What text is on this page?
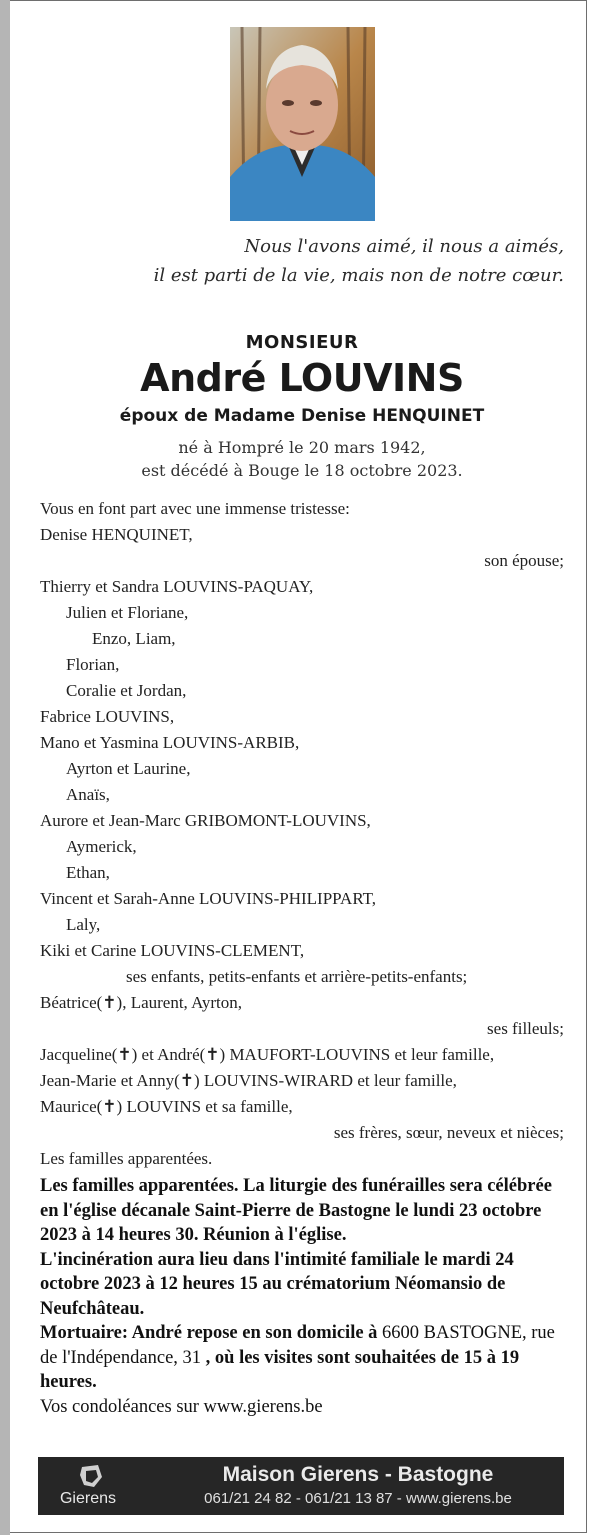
Nous l'avons aimé, il nous a aimés,
il est parti de la vie, mais non de notre cœur.
MONSIEUR
André LOUVINS
époux de Madame Denise HENQUINET
né à Hompré le 20 mars 1942,
est décédé à Bouge le 18 octobre 2023.
Vous en font part avec une immense tristesse:
Denise HENQUINET,
son épouse;
Thierry et Sandra LOUVINS-PAQUAY,
Julien et Floriane,
Enzo, Liam,
Florian,
Coralie et Jordan,
Fabrice LOUVINS,
Mano et Yasmina LOUVINS-ARBIB,
Ayrton et Laurine,
Anaïs,
Aurore et Jean-Marc GRIBOMONT-LOUVINS,
Aymerick,
Ethan,
Vincent et Sarah-Anne LOUVINS-PHILIPPART,
Laly,
Kiki et Carine LOUVINS-CLEMENT,
ses enfants, petits-enfants et arrière-petits-enfants;
Béatrice(✝), Laurent, Ayrton,
ses filleuls;
Jacqueline(✝) et André(✝) MAUFORT-LOUVINS et leur famille,
Jean-Marie et Anny(✝) LOUVINS-WIRARD et leur famille,
Maurice(✝) LOUVINS et sa famille,
ses frères, sœur, neveux et nièces;
Les familles apparentées.
Les familles apparentées. La liturgie des funérailles sera célébrée en l'église décanale Saint-Pierre de Bastogne le lundi 23 octobre 2023 à 14 heures 30. Réunion à l'église.
L'incinération aura lieu dans l'intimité familiale le mardi 24 octobre 2023 à 12 heures 15 au crématorium Néomansio de Neufchâteau.
Mortuaire: André repose en son domicile à 6600 BASTOGNE, rue de l'Indépendance, 31 , où les visites sont souhaitées de 15 à 19 heures.
Vos condoléances sur www.gierens.be
Gierens
Maison Gierens - Bastogne
061/21 24 82 - 061/21 13 87 - www.gierens.be
